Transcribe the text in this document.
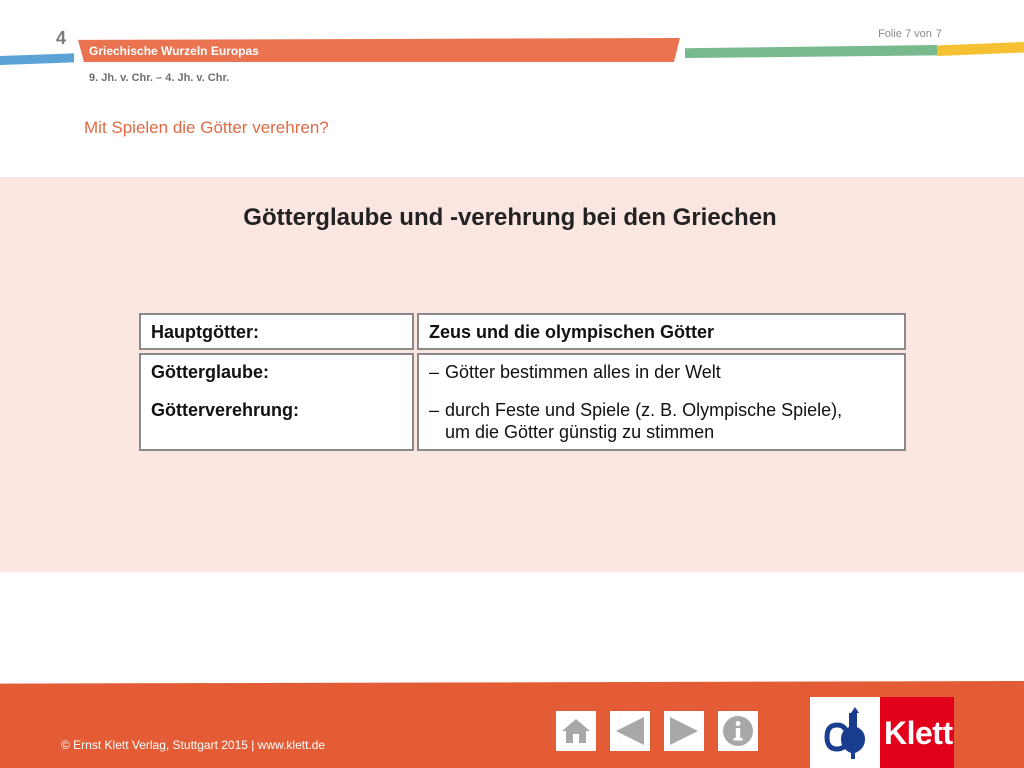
4
Griechische Wurzeln Europas
Folie 7 von 7
9. Jh. v. Chr. – 4. Jh. v. Chr.
Mit Spielen die Götter verehren?
Götterglaube und -verehrung bei den Griechen
Hauptgötter:	Zeus und die olympischen Götter
Götterglaube:
Götterverehrung:
– Götter bestimmen alles in der Welt
– durch Feste und Spiele (z. B. Olympische Spiele),
um die Götter günstig zu stimmen
© Ernst Klett Verlag, Stuttgart 2015 | www.klett.de	Klett
